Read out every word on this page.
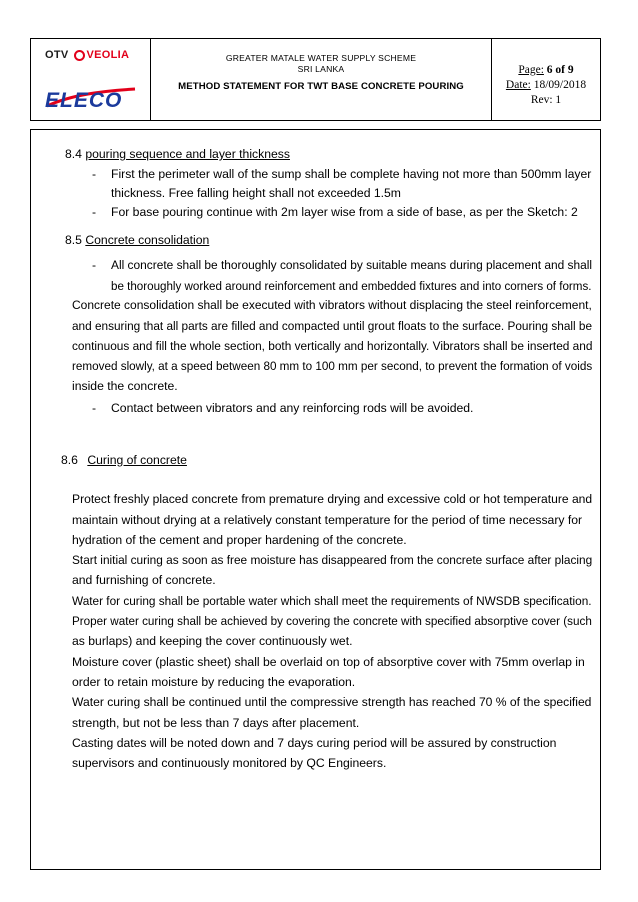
OTV VEOLIA
ELECO
GREATER MATALE WATER SUPPLY SCHEME
SRI LANKA
METHOD STATEMENT FOR TWT BASE CONCRETE POURING
Page: 6 of 9
Date: 18/09/2018
Rev: 1
8.4 pouring sequence and layer thickness
- First the perimeter wall of the sump shall be complete having not more than 500mm layer
thickness. Free falling height shall not exceeded 1.5m
- For base pouring continue with 2m layer wise from a side of base, as per the Sketch: 2
8.5 Concrete consolidation
- All concrete shall be thoroughly consolidated by suitable means during placement and shall
be thoroughly worked around reinforcement and embedded fixtures and into corners of forms.
Concrete consolidation shall be executed with vibrators without displacing the steel reinforcement,
and ensuring that all parts are filled and compacted until grout floats to the surface. Pouring shall be
continuous and fill the whole section, both vertically and horizontally. Vibrators shall be inserted and
removed slowly, at a speed between 80 mm to 100 mm per second, to prevent the formation of voids
inside the concrete.
- Contact between vibrators and any reinforcing rods will be avoided.
8.6 Curing of concrete
Protect freshly placed concrete from premature drying and excessive cold or hot temperature and
maintain without drying at a relatively constant temperature for the period of time necessary for
hydration of the cement and proper hardening of the concrete.
Start initial curing as soon as free moisture has disappeared from the concrete surface after placing
and furnishing of concrete.
Water for curing shall be portable water which shall meet the requirements of NWSDB specification.
Proper water curing shall be achieved by covering the concrete with specified absorptive cover (such
as burlaps) and keeping the cover continuously wet.
Moisture cover (plastic sheet) shall be overlaid on top of absorptive cover with 75mm overlap in
order to retain moisture by reducing the evaporation.
Water curing shall be continued until the compressive strength has reached 70 % of the specified
strength, but not be less than 7 days after placement.
Casting dates will be noted down and 7 days curing period will be assured by construction
supervisors and continuously monitored by QC Engineers.
